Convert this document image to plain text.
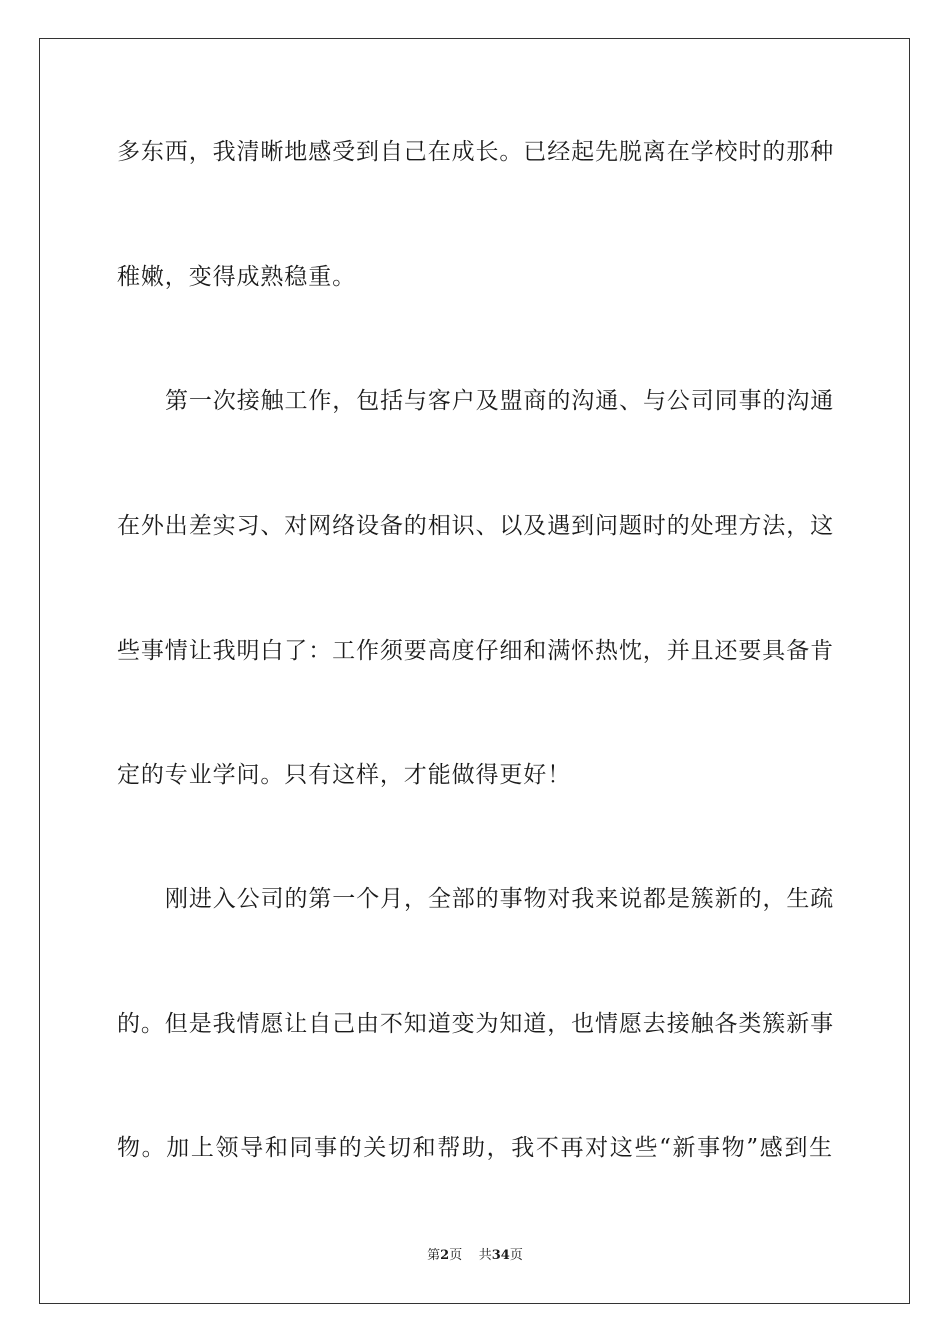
多东西，我清晰地感受到自己在成长。已经起先脱离在学校时的那种
稚嫩，变得成熟稳重。
第一次接触工作，包括与客户及盟商的沟通、与公司同事的沟通
在外出差实习、对网络设备的相识、以及遇到问题时的处理方法，这
些事情让我明白了：工作须要高度仔细和满怀热忱，并且还要具备肯
定的专业学问。只有这样，才能做得更好！
刚进入公司的第一个月，全部的事物对我来说都是簇新的，生疏
的。但是我情愿让自己由不知道变为知道，也情愿去接触各类簇新事
物。加上领导和同事的关切和帮助，我不再对这些“新事物”感到生
第2页 共34页
